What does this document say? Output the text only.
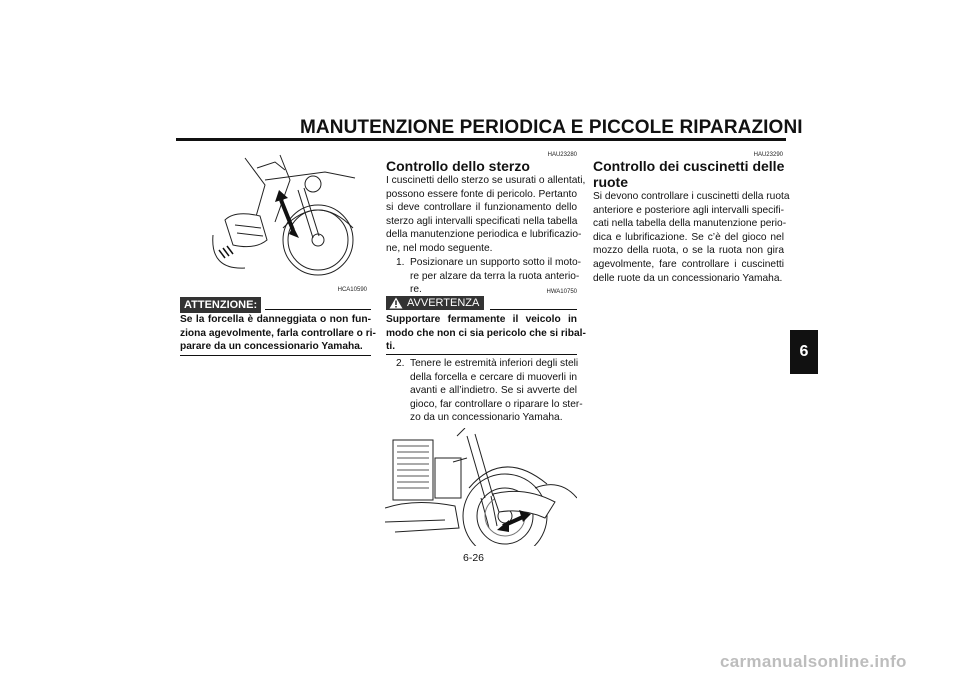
MANUTENZIONE PERIODICA E PICCOLE RIPARAZIONI
6
HCA10590
ATTENZIONE:
Se la forcella è danneggiata o non fun-
ziona agevolmente, farla controllare o ri-
parare da un concessionario Yamaha.
HAU23280
Controllo dello sterzo
I cuscinetti dello sterzo se usurati o allentati,
possono essere fonte di pericolo. Pertanto
si deve controllare il funzionamento dello
sterzo agli intervalli specificati nella tabella
della manutenzione periodica e lubrificazio-
ne, nel modo seguente.
1. Posizionare un supporto sotto il moto-
re per alzare da terra la ruota anterio-
re.	HWA10750
AVVERTENZA
Supportare fermamente il veicolo in
modo che non ci sia pericolo che si ribal-
ti.
2. Tenere le estremità inferiori degli steli
della forcella e cercare di muoverli in
avanti e all’indietro. Se si avverte del
gioco, far controllare o riparare lo ster-
zo da un concessionario Yamaha.
HAU23290
Controllo dei cuscinetti delle
ruote
Si devono controllare i cuscinetti della ruota
anteriore e posteriore agli intervalli specifi-
cati nella tabella della manutenzione perio-
dica e lubrificazione. Se c’è del gioco nel
mozzo della ruota, o se la ruota non gira
agevolmente, fare controllare i cuscinetti
delle ruote da un concessionario Yamaha.
6-26
carmanualsonline.info
